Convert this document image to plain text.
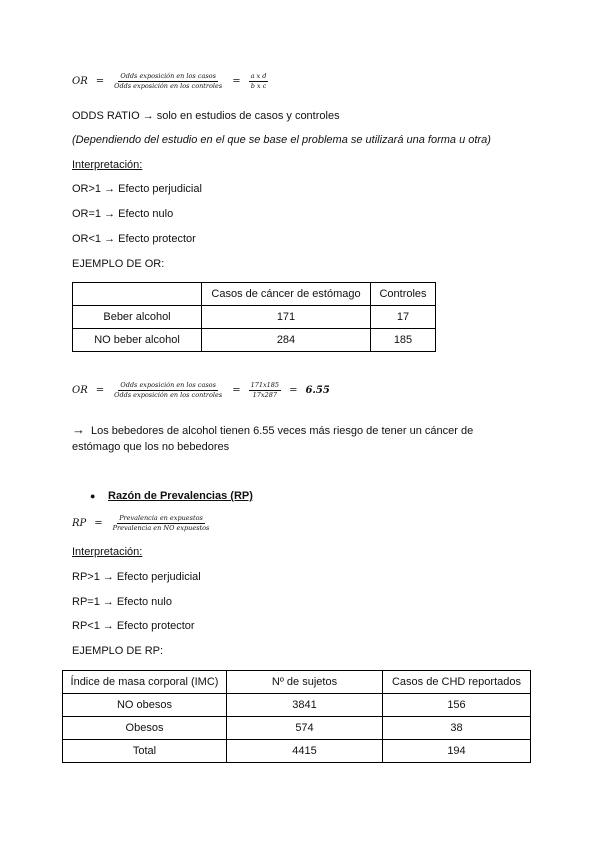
OR = $\frac{\text{Odds exposición en los casos}}{\text{Odds exposición en los controles}} = \frac{\text{a x d}}{\text{b x c}}$
ODDS RATIO → solo en estudios de casos y controles
(Dependiendo del estudio en el que se base el problema se utilizará una forma u otra)
Interpretación:
OR>1 → Efecto perjudicial
OR=1 → Efecto nulo
OR<1 → Efecto protector
EJEMPLO DE OR:
	Casos de cáncer de estómago	Controles
Beber alcohol	171	17
NO beber alcohol	284	185
OR = $\frac{\text{Odds exposición en los casos}}{\text{Odds exposición en los controles}} = \frac{171x185}{17x287} = 6.55$
→ Los bebedores de alcohol tienen 6.55 veces más riesgo de tener un cáncer de
estómago que los no bebedores
● Razón de Prevalencias (RP)
RP = $\frac{\text{Prevalencia en expuestos}}{\text{Prevalencia en NO expuestos}}$
Interpretación:
RP>1 → Efecto perjudicial
RP=1 → Efecto nulo
RP<1 → Efecto protector
EJEMPLO DE RP:
Índice de masa corporal (IMC)	Nº de sujetos	Casos de CHD reportados
NO obesos	3841	156
Obesos	574	38
Total	4415	194
